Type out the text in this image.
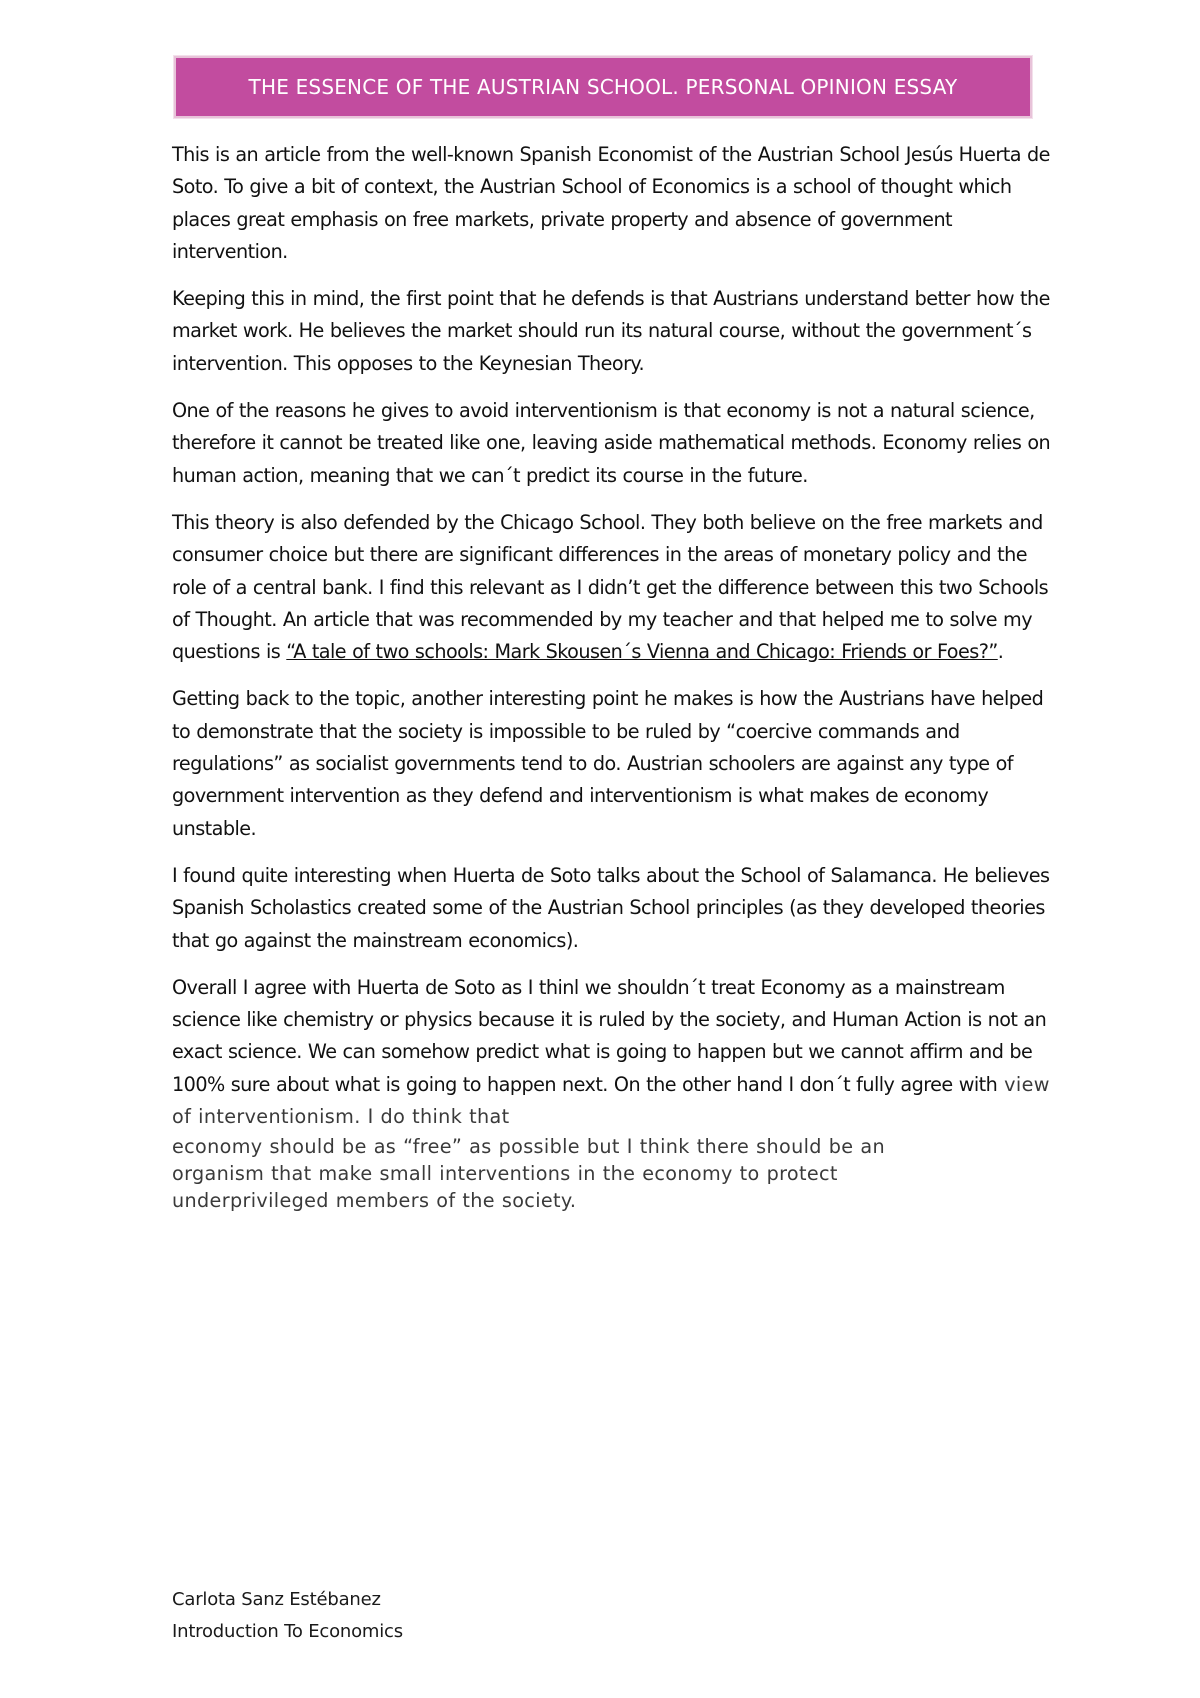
THE ESSENCE OF THE AUSTRIAN SCHOOL. PERSONAL OPINION ESSAY

This is an article from the well-known Spanish Economist of the Austrian School Jesús Huerta de Soto. To give a bit of context, the Austrian School of Economics is a school of thought which places great emphasis on free markets, private property and absence of government intervention.

Keeping this in mind, the first point that he defends is that Austrians understand better how the market work. He believes the market should run its natural course, without the government´s intervention. This opposes to the Keynesian Theory.

One of the reasons he gives to avoid interventionism is that economy is not a natural science, therefore it cannot be treated like one, leaving aside mathematical methods. Economy relies on human action, meaning that we can´t predict its course in the future.

This theory is also defended by the Chicago School. They both believe on the free markets and consumer choice but there are significant differences in the areas of monetary policy and the role of a central bank. I find this relevant as I didn’t get the difference between this two Schools of Thought. An article that was recommended by my teacher and that helped me to solve my questions is “A tale of two schools: Mark Skousen´s Vienna and Chicago: Friends or Foes?”.

Getting back to the topic, another interesting point he makes is how the Austrians have helped to demonstrate that the society is impossible to be ruled by “coercive commands and regulations” as socialist governments tend to do. Austrian schoolers are against any type of government intervention as they defend and interventionism is what makes de economy unstable.

I found quite interesting when Huerta de Soto talks about the School of Salamanca. He believes Spanish Scholastics created some of the Austrian School principles (as they developed theories that go against the mainstream economics).

Overall I agree with Huerta de Soto as I thinl we shouldn´t treat Economy as a mainstream science like chemistry or physics because it is ruled by the society, and Human Action is not an exact science. We can somehow predict what is going to happen but we cannot affirm and be 100% sure about what is going to happen next. On the other hand I don´t fully agree with view of interventionism. I do think that
economy should be as “free” as possible but I think there should be an
organism that make small interventions in the economy to protect
underprivileged members of the society.

Carlota Sanz Estébanez
Introduction To Economics
